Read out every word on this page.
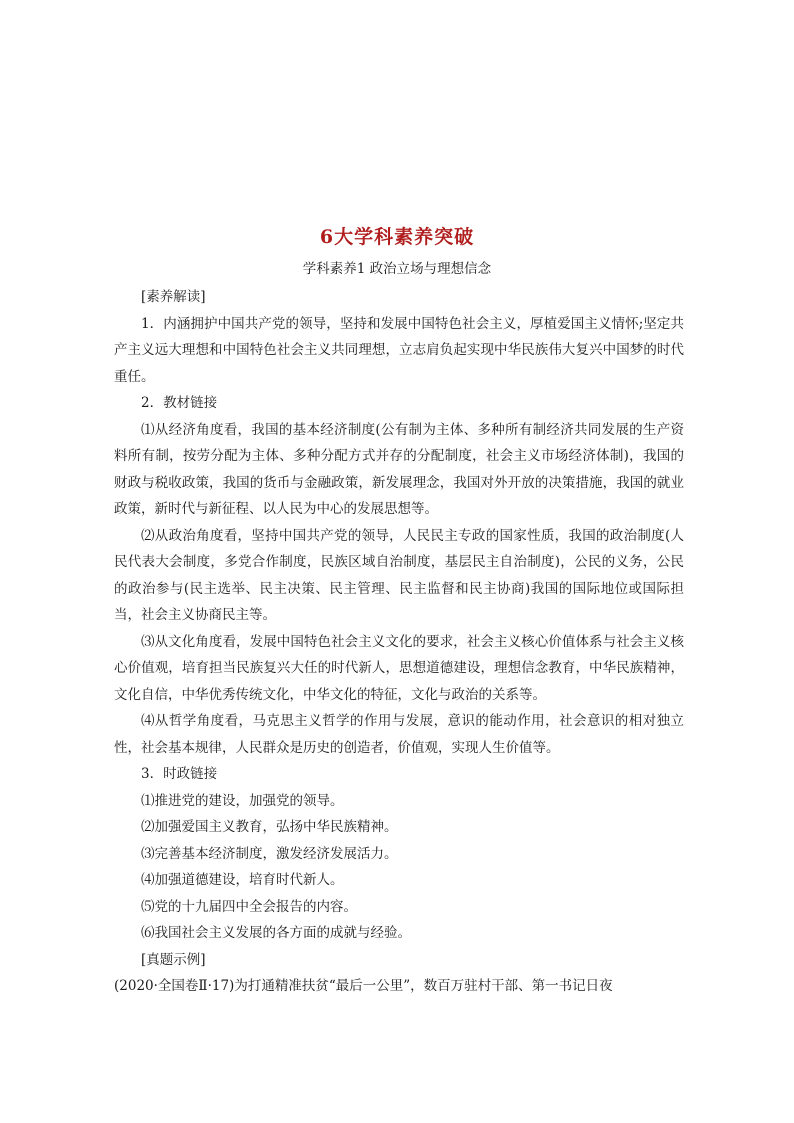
6大学科素养突破
学科素养1 政治立场与理想信念

[素养解读]

1．内涵拥护中国共产党的领导，坚持和发展中国特色社会主义，厚植爱国主义情怀;坚定共产主义远大理想和中国特色社会主义共同理想，立志肩负起实现中华民族伟大复兴中国梦的时代重任。

2．教材链接

⑴从经济角度看，我国的基本经济制度(公有制为主体、多种所有制经济共同发展的生产资料所有制，按劳分配为主体、多种分配方式并存的分配制度，社会主义市场经济体制)，我国的财政与税收政策，我国的货币与金融政策，新发展理念，我国对外开放的决策措施，我国的就业政策，新时代与新征程、以人民为中心的发展思想等。

⑵从政治角度看，坚持中国共产党的领导，人民民主专政的国家性质，我国的政治制度(人民代表大会制度，多党合作制度，民族区域自治制度，基层民主自治制度)，公民的义务，公民的政治参与(民主选举、民主决策、民主管理、民主监督和民主协商)我国的国际地位或国际担当，社会主义协商民主等。

⑶从文化角度看，发展中国特色社会主义文化的要求，社会主义核心价值体系与社会主义核心价值观，培育担当民族复兴大任的时代新人，思想道德建设，理想信念教育，中华民族精神，文化自信，中华优秀传统文化，中华文化的特征，文化与政治的关系等。

⑷从哲学角度看，马克思主义哲学的作用与发展，意识的能动作用，社会意识的相对独立性，社会基本规律，人民群众是历史的创造者，价值观，实现人生价值等。

3．时政链接

⑴推进党的建设，加强党的领导。

⑵加强爱国主义教育，弘扬中华民族精神。

⑶完善基本经济制度，激发经济发展活力。

⑷加强道德建设，培育时代新人。

⑸党的十九届四中全会报告的内容。

⑹我国社会主义发展的各方面的成就与经验。

[真题示例]

(2020·全国卷Ⅱ·17)为打通精准扶贫“最后一公里”，数百万驻村干部、第一书记日夜
